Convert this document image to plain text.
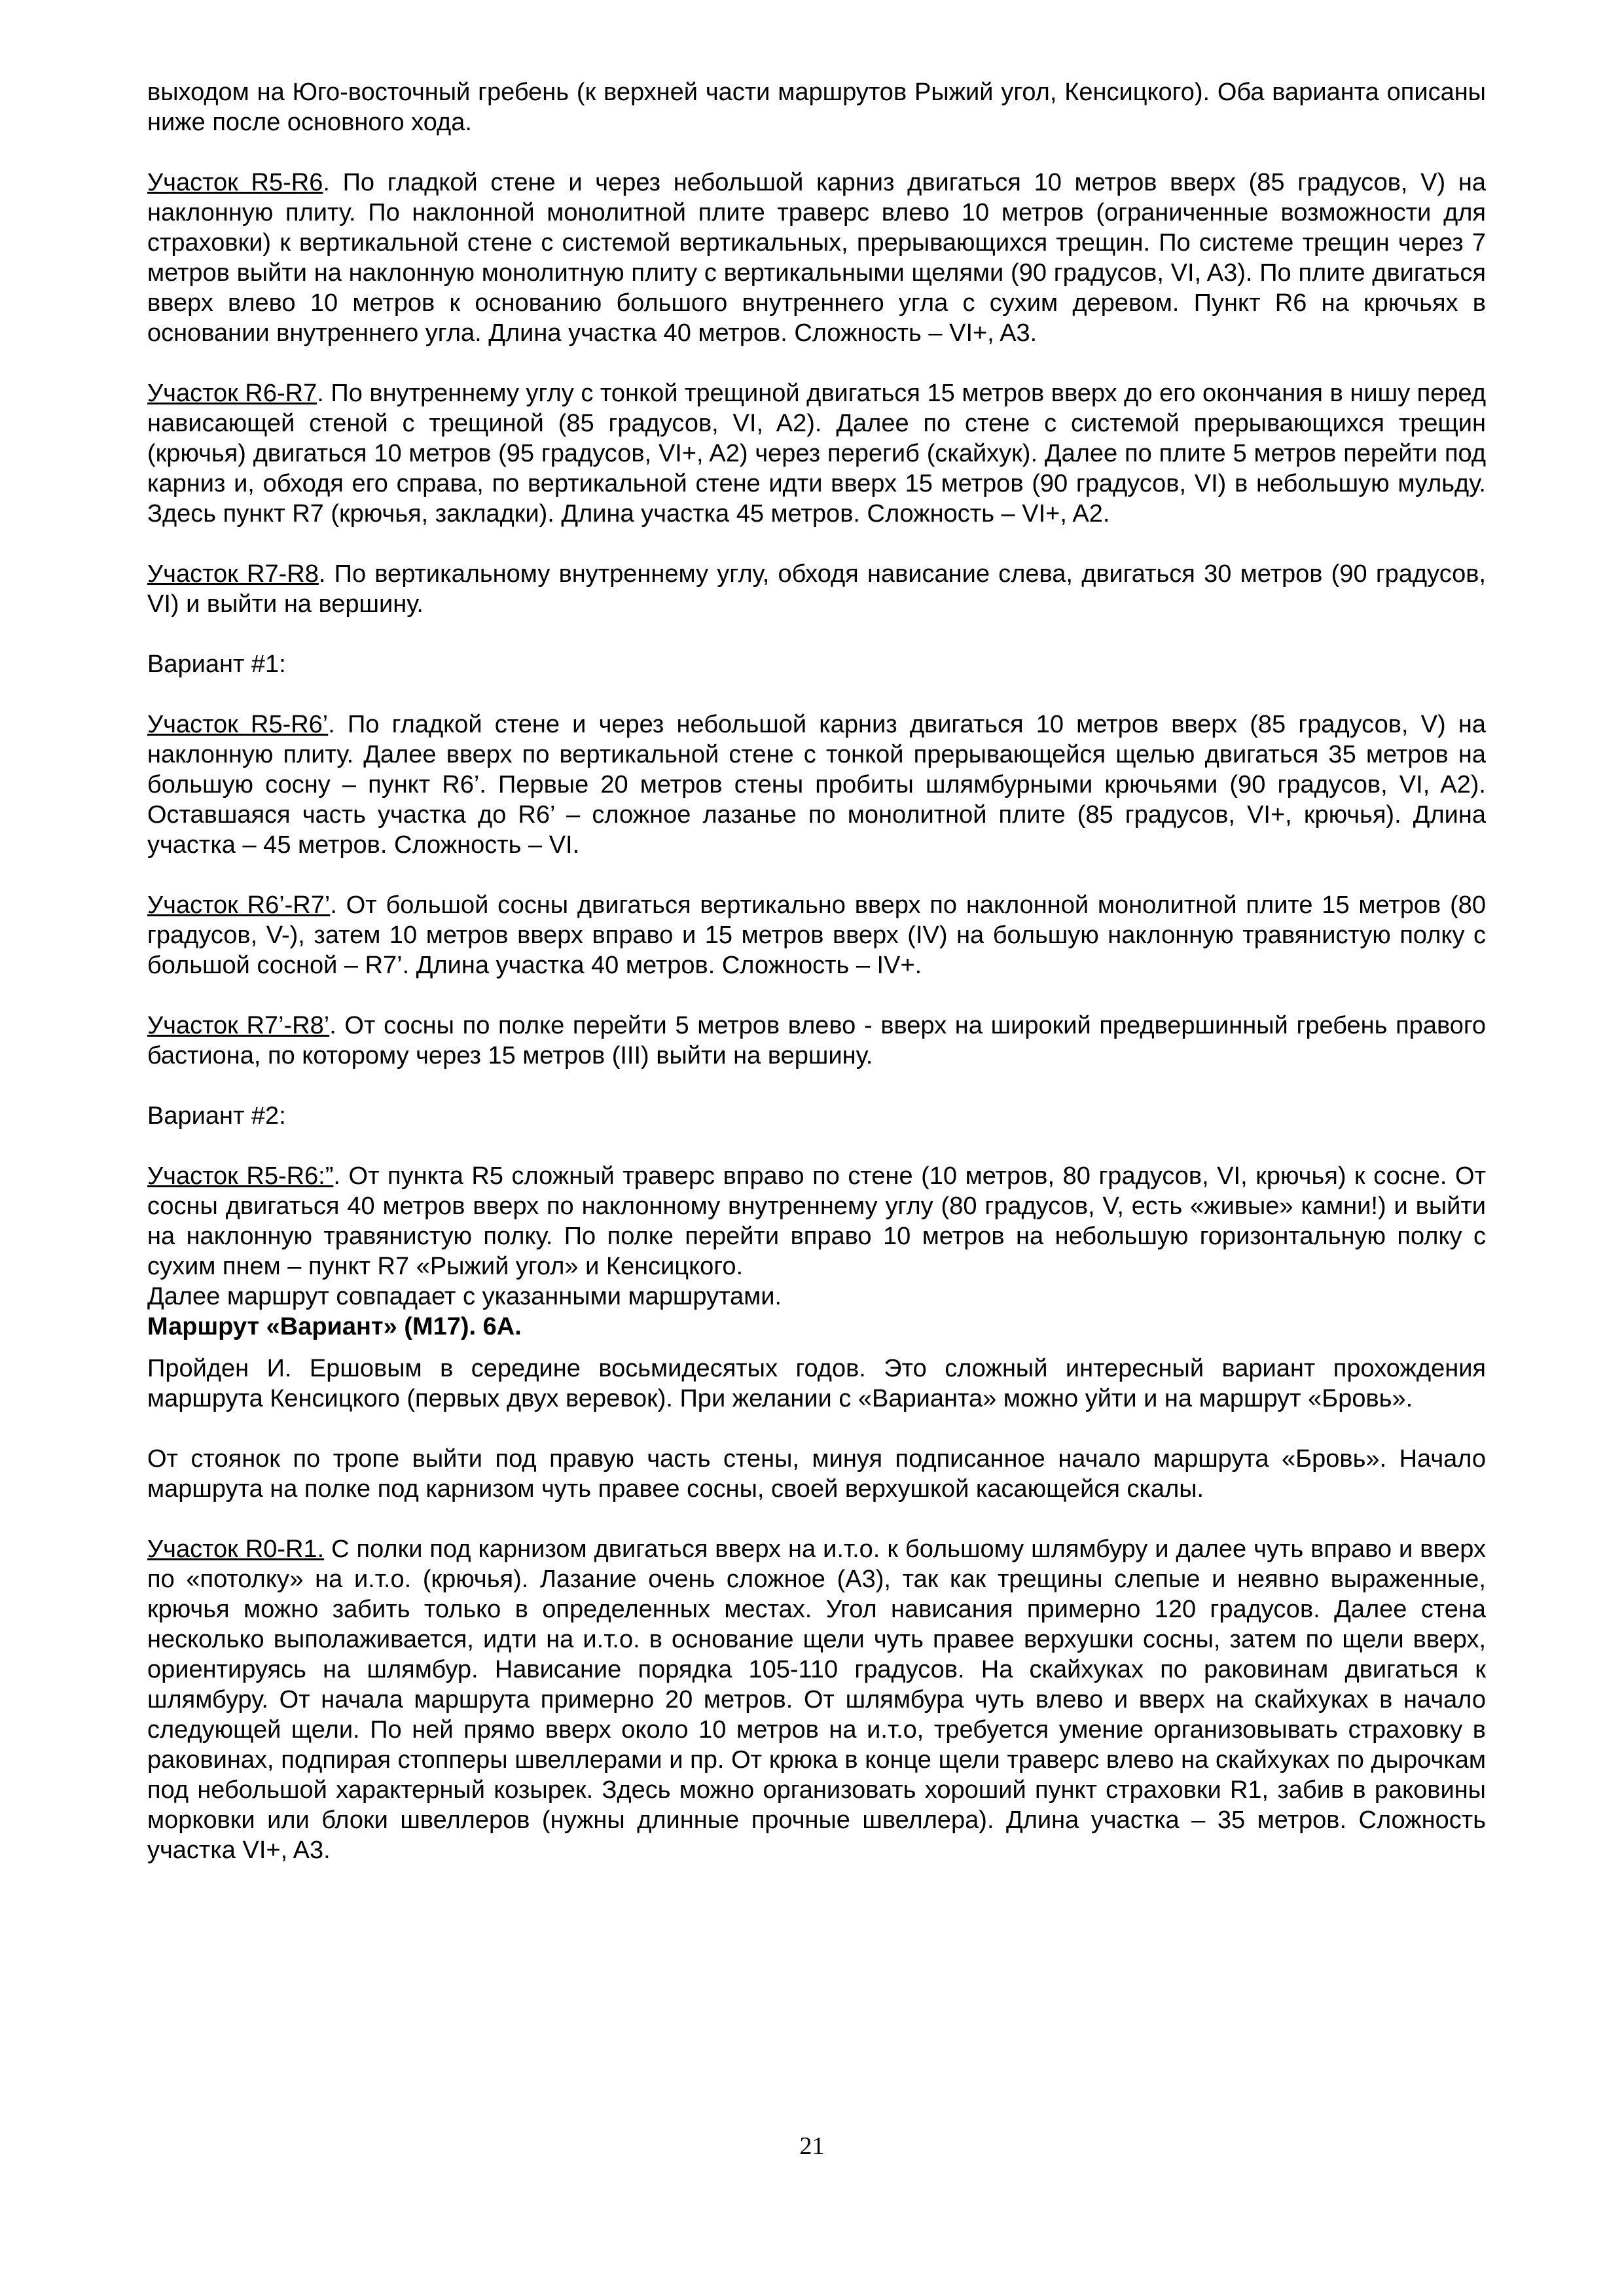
выходом на Юго-восточный гребень (к верхней части маршрутов Рыжий угол, Кенсицкого). Оба варианта описаны ниже после основного хода.

Участок R5-R6. По гладкой стене и через небольшой карниз двигаться 10 метров вверх (85 градусов, V) на наклонную плиту. По наклонной монолитной плите траверс влево 10 метров (ограниченные возможности для страховки) к вертикальной стене с системой вертикальных, прерывающихся трещин. По системе трещин через 7 метров выйти на наклонную монолитную плиту с вертикальными щелями (90 градусов, VI, A3). По плите двигаться вверх влево 10 метров к основанию большого внутреннего угла с сухим деревом. Пункт R6 на крючьях в основании внутреннего угла. Длина участка 40 метров. Сложность – VI+, A3.

Участок R6-R7. По внутреннему углу с тонкой трещиной двигаться 15 метров вверх до его окончания в нишу перед нависающей стеной с трещиной (85 градусов, VI, A2). Далее по стене с системой прерывающихся трещин (крючья) двигаться 10 метров (95 градусов, VI+, A2) через перегиб (скайхук). Далее по плите 5 метров перейти под карниз и, обходя его справа, по вертикальной стене идти вверх 15 метров (90 градусов, VI) в небольшую мульду. Здесь пункт R7 (крючья, закладки). Длина участка 45 метров. Сложность – VI+, A2.

Участок R7-R8. По вертикальному внутреннему углу, обходя нависание слева, двигаться 30 метров (90 градусов, VI) и выйти на вершину.

Вариант #1:

Участок R5-R6’. По гладкой стене и через небольшой карниз двигаться 10 метров вверх (85 градусов, V) на наклонную плиту. Далее вверх по вертикальной стене с тонкой прерывающейся щелью двигаться 35 метров на большую сосну – пункт R6’. Первые 20 метров стены пробиты шлямбурными крючьями (90 градусов, VI, A2). Оставшаяся часть участка до R6’ – сложное лазанье по монолитной плите (85 градусов, VI+, крючья). Длина участка – 45 метров. Сложность – VI.

Участок R6’-R7’. От большой сосны двигаться вертикально вверх по наклонной монолитной плите 15 метров (80 градусов, V-), затем 10 метров вверх вправо и 15 метров вверх (IV) на большую наклонную травянистую полку с большой сосной – R7’. Длина участка 40 метров. Сложность – IV+.

Участок R7’-R8’. От сосны по полке перейти 5 метров влево - вверх на широкий предвершинный гребень правого бастиона, по которому через 15 метров (III) выйти на вершину.

Вариант #2:

Участок R5-R6:”. От пункта R5 сложный траверс вправо по стене (10 метров, 80 градусов, VI, крючья) к сосне. От сосны двигаться 40 метров вверх по наклонному внутреннему углу (80 градусов, V, есть «живые» камни!) и выйти на наклонную травянистую полку. По полке перейти вправо 10 метров на небольшую горизонтальную полку с сухим пнем – пункт R7 «Рыжий угол» и Кенсицкого.

Далее маршрут совпадает с указанными маршрутами.

Маршрут «Вариант» (М17). 6А.

Пройден И. Ершовым в середине восьмидесятых годов. Это сложный интересный вариант прохождения маршрута Кенсицкого (первых двух веревок). При желании с «Варианта» можно уйти и на маршрут «Бровь».

От стоянок по тропе выйти под правую часть стены, минуя подписанное начало маршрута «Бровь». Начало маршрута на полке под карнизом чуть правее сосны, своей верхушкой касающейся скалы.

Участок R0-R1. С полки под карнизом двигаться вверх на и.т.о. к большому шлямбуру и далее чуть вправо и вверх по «потолку» на и.т.о. (крючья). Лазание очень сложное (A3), так как трещины слепые и неявно выраженные, крючья можно забить только в определенных местах. Угол нависания примерно 120 градусов. Далее стена несколько выполаживается, идти на и.т.о. в основание щели чуть правее верхушки сосны, затем по щели вверх, ориентируясь на шлямбур. Нависание порядка 105-110 градусов. На скайхуках по раковинам двигаться к шлямбуру. От начала маршрута примерно 20 метров. От шлямбура чуть влево и вверх на скайхуках в начало следующей щели. По ней прямо вверх около 10 метров на и.т.о, требуется умение организовывать страховку в раковинах, подпирая стопперы швеллерами и пр. От крюка в конце щели траверс влево на скайхуках по дырочкам под небольшой характерный козырек. Здесь можно организовать хороший пункт страховки R1, забив в раковины морковки или блоки швеллеров (нужны длинные прочные швеллера). Длина участка – 35 метров. Сложность участка VI+, A3.

21
